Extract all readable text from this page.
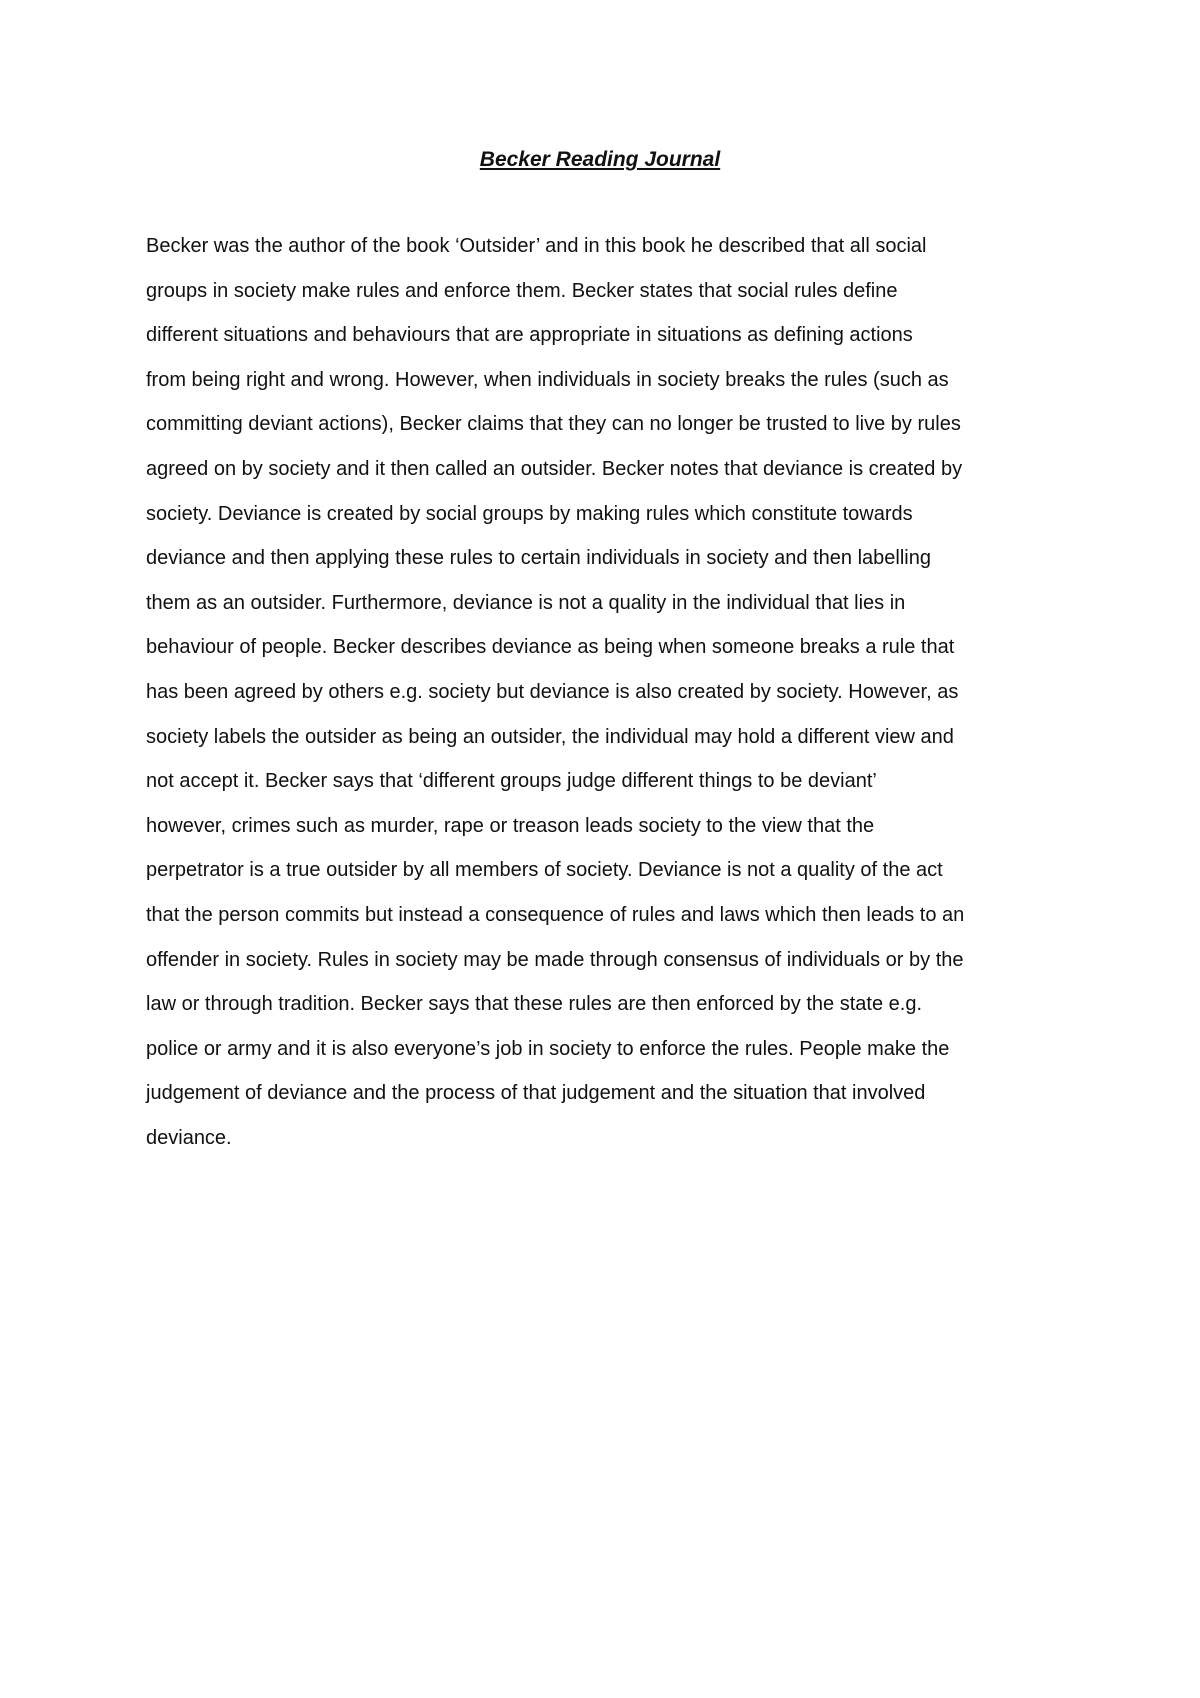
Becker Reading Journal
Becker was the author of the book ‘Outsider’ and in this book he described that all social
groups in society make rules and enforce them. Becker states that social rules define
different situations and behaviours that are appropriate in situations as defining actions
from being right and wrong. However, when individuals in society breaks the rules (such as
committing deviant actions), Becker claims that they can no longer be trusted to live by rules
agreed on by society and it then called an outsider. Becker notes that deviance is created by
society. Deviance is created by social groups by making rules which constitute towards
deviance and then applying these rules to certain individuals in society and then labelling
them as an outsider. Furthermore, deviance is not a quality in the individual that lies in
behaviour of people. Becker describes deviance as being when someone breaks a rule that
has been agreed by others e.g. society but deviance is also created by society. However, as
society labels the outsider as being an outsider, the individual may hold a different view and
not accept it. Becker says that ‘different groups judge different things to be deviant’
however, crimes such as murder, rape or treason leads society to the view that the
perpetrator is a true outsider by all members of society. Deviance is not a quality of the act
that the person commits but instead a consequence of rules and laws which then leads to an
offender in society. Rules in society may be made through consensus of individuals or by the
law or through tradition. Becker says that these rules are then enforced by the state e.g.
police or army and it is also everyone’s job in society to enforce the rules. People make the
judgement of deviance and the process of that judgement and the situation that involved
deviance.
